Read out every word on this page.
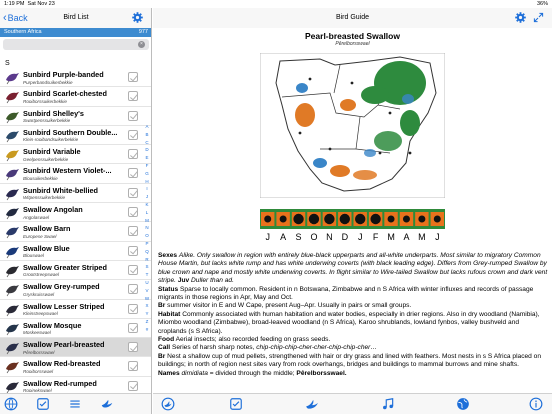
1:19 PM Sat Nov 23	36%
‹Back	Bird List
Southern Africa	977
×
S
Sunbird Purple-banded
Purperbandsuikerbekkie
Sunbird Scarlet-chested
Rooiborssuikerbekkie
Sunbird Shelley's
Swartpenssuikerbekkie
Sunbird Southern Double...
Klein-rooibandsuikerbekkie
Sunbird Variable
Geelpenssuikerbekkie
Sunbird Western Violet-...
Blousuikerbekkie
Sunbird White-bellied
Witpenssuikerbekkie
Swallow Angolan
Angolaswael
Swallow Barn
Europese Swael
Swallow Blue
Blouswael
Swallow Greater Striped
Grootstreepswael
Swallow Grey-rumped
Gryskruisswael
Swallow Lesser Striped
Kleinstreepswael
Swallow Mosque
Moskeeswael
Swallow Pearl-breasted
Pêrelborsswael
Swallow Red-breasted
Rooiborsswael
Swallow Red-rumped
Rooinekswael
A
B
C
D
E
F
G
H
I
J
K
L
M
N
O
P
Q
R
S
T
U
V
W
X
Y
Z
#
Bird Guide
Pearl-breasted Swallow
Pêrelborsswael
J	A	S O N D	J	F M A M	J
Sexes Alike. Only swallow in region with entirely blue-black upperparts and all-white underparts. Most similar to migratory Common House Martin, but lacks white rump and has white underwing coverts (with black leading edge). Differs from Grey-rumped Swallow by blue crown and nape and mostly white underwing coverts. In flight similar to Wire-tailed Swallow but lacks rufous crown and dark vent stripe. Juv Duller than ad.
Status Sparse to locally common. Resident in n Botswana, Zimbabwe and n S Africa with winter influxes and records of passage migrants in those regions in Apr, May and Oct.
Br summer visitor in E and W Cape, present Aug–Apr. Usually in pairs or small groups.
Habitat Commonly associated with human habitation and water bodies, especially in drier regions. Also in dry woodland (Namibia), Miombo woodland (Zimbabwe), broad-leaved woodland (n S Africa), Karoo shrublands, lowland fynbos, valley bushveld and croplands (s S Africa).
Food Aerial insects; also recorded feeding on grass seeds.
Call Series of harsh sharp notes, chip-chip-chip-cher-cher-chip-chip-cher…
Br Nest a shallow cup of mud pellets, strengthened with hair or dry grass and lined with feathers. Most nests in s S Africa placed on buildings; in north of region nest sites vary from rock overhangs, bridges and buildings to mammal burrows and mine shafts.
Names dimidiata = divided through the middle; Pêrelborsswael.
